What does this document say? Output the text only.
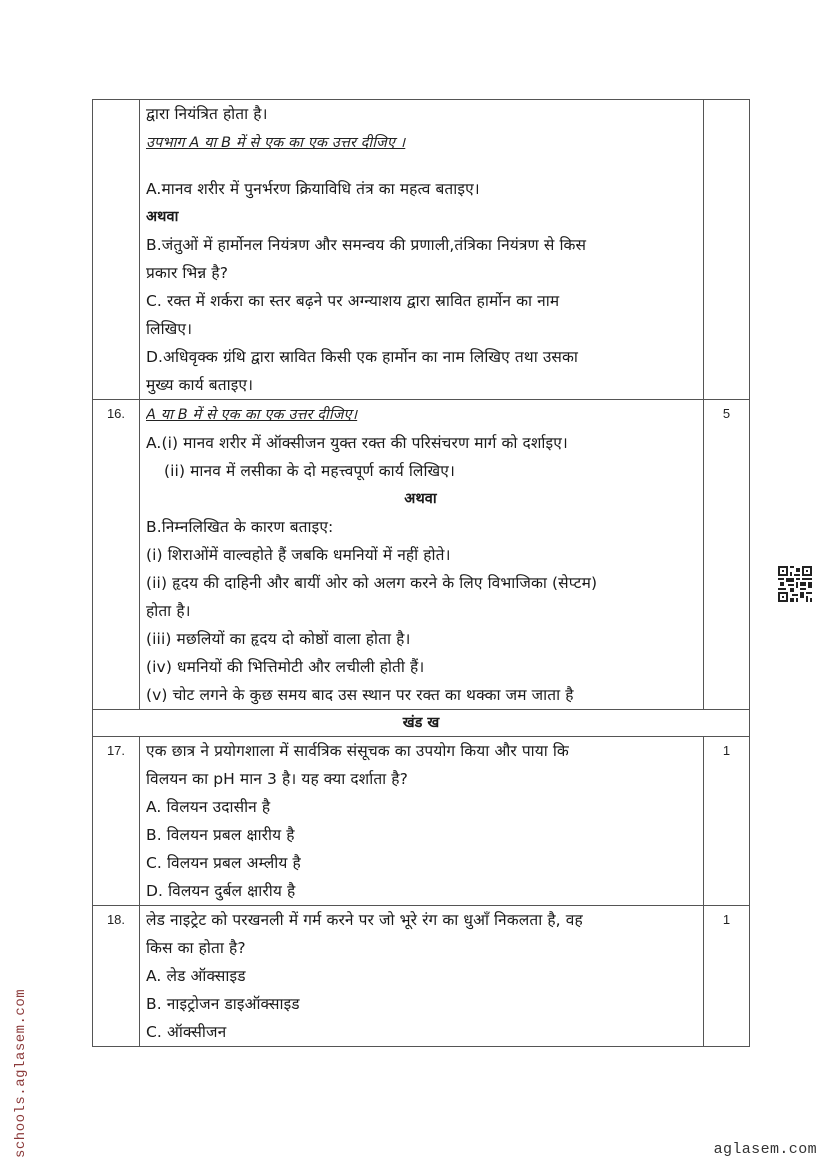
द्वारा नियंत्रित होता है।
उपभाग A या B में से एक का एक उत्तर दीजिए ।
A.मानव शरीर में पुनर्भरण क्रियाविधि तंत्र का महत्व बताइए।
अथवा
B.जंतुओं में हार्मोनल नियंत्रण और समन्वय की प्रणाली,तंत्रिका नियंत्रण से किस
प्रकार भिन्न है?
C. रक्त में शर्करा का स्तर बढ़ने पर अग्न्याशय द्वारा स्रावित हार्मोन का नाम
लिखिए।
D.अधिवृक्क ग्रंथि द्वारा स्रावित किसी एक हार्मोन का नाम लिखिए तथा उसका
मुख्य कार्य बताइए।

16.	A या B में से एक का एक उत्तर दीजिए।
A.(i) मानव शरीर में ऑक्सीजन युक्त रक्त की परिसंचरण मार्ग को दर्शाइए।
(ii) मानव में लसीका के दो महत्त्वपूर्ण कार्य लिखिए।
अथवा
B.निम्नलिखित के कारण बताइए:
(i) शिराओंमें वाल्वहोते हैं जबकि धमनियों में नहीं होते।
(ii) हृदय की दाहिनी और बायीं ओर को अलग करने के लिए विभाजिका (सेप्टम)
होता है।
(iii) मछलियों का हृदय दो कोष्ठों वाला होता है।
(iv) धमनियों की भित्तिमोटी और लचीली होती हैं।
(v) चोट लगने के कुछ समय बाद उस स्थान पर रक्त का थक्का जम जाता है
	5
खंड ख		
17.	एक छात्र ने प्रयोगशाला में सार्वत्रिक संसूचक का उपयोग किया और पाया कि
विलयन का pH मान 3 है। यह क्या दर्शाता है?
A. विलयन उदासीन है
B. विलयन प्रबल क्षारीय है
C. विलयन प्रबल अम्लीय है
D. विलयन दुर्बल क्षारीय है
	1
18.	लेड नाइट्रेट को परखनली में गर्म करने पर जो भूरे रंग का धुआँ निकलता है, वह
किस का होता है?
A. लेड ऑक्साइड
B. नाइट्रोजन डाइऑक्साइड
C. ऑक्सीजन	1
schools.aglasem.com	aglasem.com
